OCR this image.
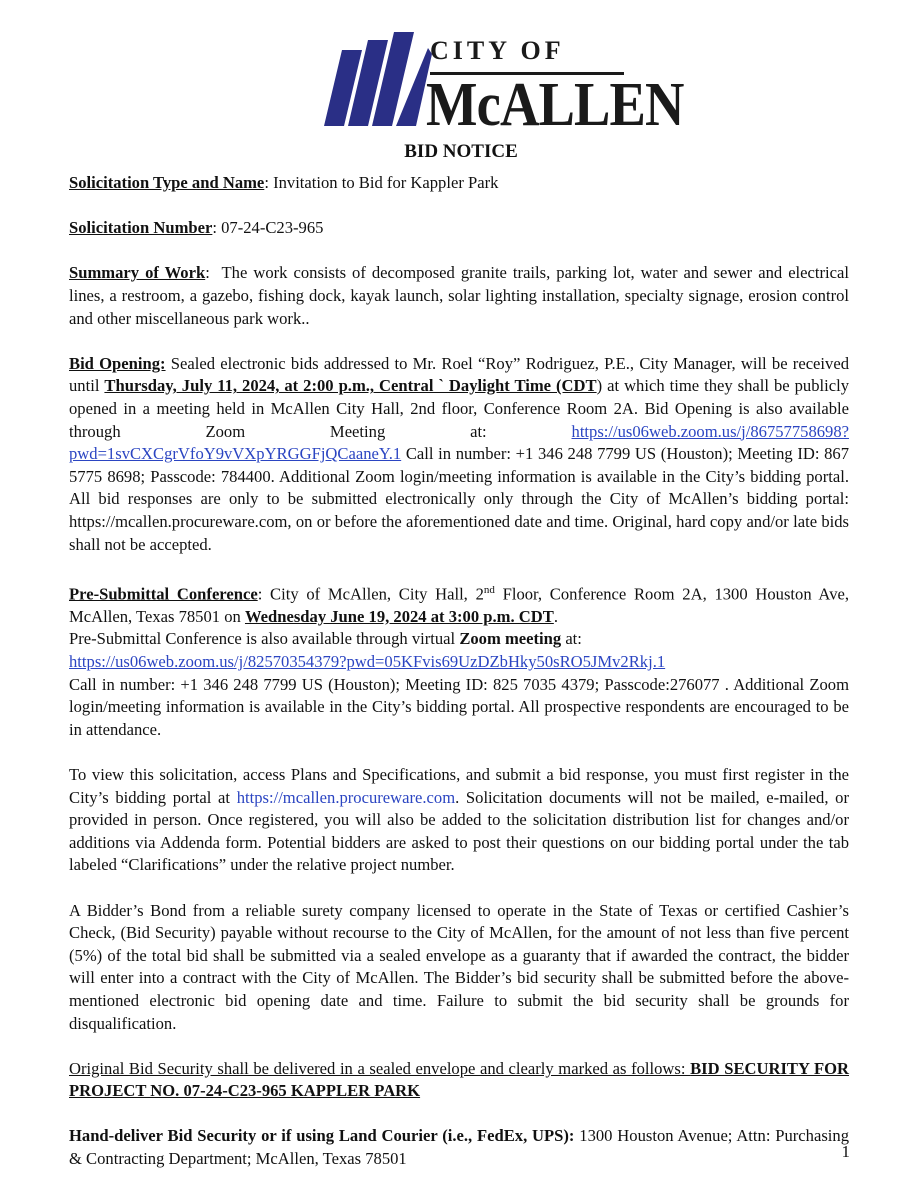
CITY OF
McALLEN
BID NOTICE

Solicitation Type and Name: Invitation to Bid for Kappler Park

Solicitation Number: 07-24-C23-965

Summary of Work: The work consists of decomposed granite trails, parking lot, water and sewer and electrical lines, a restroom, a gazebo, fishing dock, kayak launch, solar lighting installation, specialty signage, erosion control and other miscellaneous park work..

Bid Opening: Sealed electronic bids addressed to Mr. Roel “Roy” Rodriguez, P.E., City Manager, will be received until Thursday, July 11, 2024, at 2:00 p.m., Central ` Daylight Time (CDT) at which time they shall be publicly opened in a meeting held in McAllen City Hall, 2nd floor, Conference Room 2A. Bid Opening is also available through Zoom Meeting at: https://us06web.zoom.us/j/86757758698?pwd=1svCXCgrVfoY9vVXpYRGGFjQCaaneY.1 Call in number: +1 346 248 7799 US (Houston); Meeting ID: 867 5775 8698; Passcode: 784400. Additional Zoom login/meeting information is available in the City’s bidding portal. All bid responses are only to be submitted electronically only through the City of McAllen’s bidding portal: https://mcallen.procureware.com, on or before the aforementioned date and time. Original, hard copy and/or late bids shall not be accepted.

Pre-Submittal Conference: City of McAllen, City Hall, 2nd Floor, Conference Room 2A, 1300 Houston Ave, McAllen, Texas 78501 on Wednesday June 19, 2024 at 3:00 p.m. CDT.
Pre-Submittal Conference is also available through virtual Zoom meeting at:
https://us06web.zoom.us/j/82570354379?pwd=05KFvis69UzDZbHky50sRO5JMv2Rkj.1
Call in number: +1 346 248 7799 US (Houston); Meeting ID: 825 7035 4379; Passcode:276077 . Additional Zoom login/meeting information is available in the City’s bidding portal. All prospective respondents are encouraged to be in attendance.

To view this solicitation, access Plans and Specifications, and submit a bid response, you must first register in the City’s bidding portal at https://mcallen.procureware.com. Solicitation documents will not be mailed, e-mailed, or provided in person. Once registered, you will also be added to the solicitation distribution list for changes and/or additions via Addenda form. Potential bidders are asked to post their questions on our bidding portal under the tab labeled “Clarifications” under the relative project number.

A Bidder’s Bond from a reliable surety company licensed to operate in the State of Texas or certified Cashier’s Check, (Bid Security) payable without recourse to the City of McAllen, for the amount of not less than five percent (5%) of the total bid shall be submitted via a sealed envelope as a guaranty that if awarded the contract, the bidder will enter into a contract with the City of McAllen. The Bidder’s bid security shall be submitted before the above-mentioned electronic bid opening date and time. Failure to submit the bid security shall be grounds for disqualification.

Original Bid Security shall be delivered in a sealed envelope and clearly marked as follows: BID SECURITY FOR PROJECT NO. 07-24-C23-965 KAPPLER PARK

Hand-deliver Bid Security or if using Land Courier (i.e., FedEx, UPS): 1300 Houston Avenue; Attn: Purchasing & Contracting Department; McAllen, Texas 78501	1
